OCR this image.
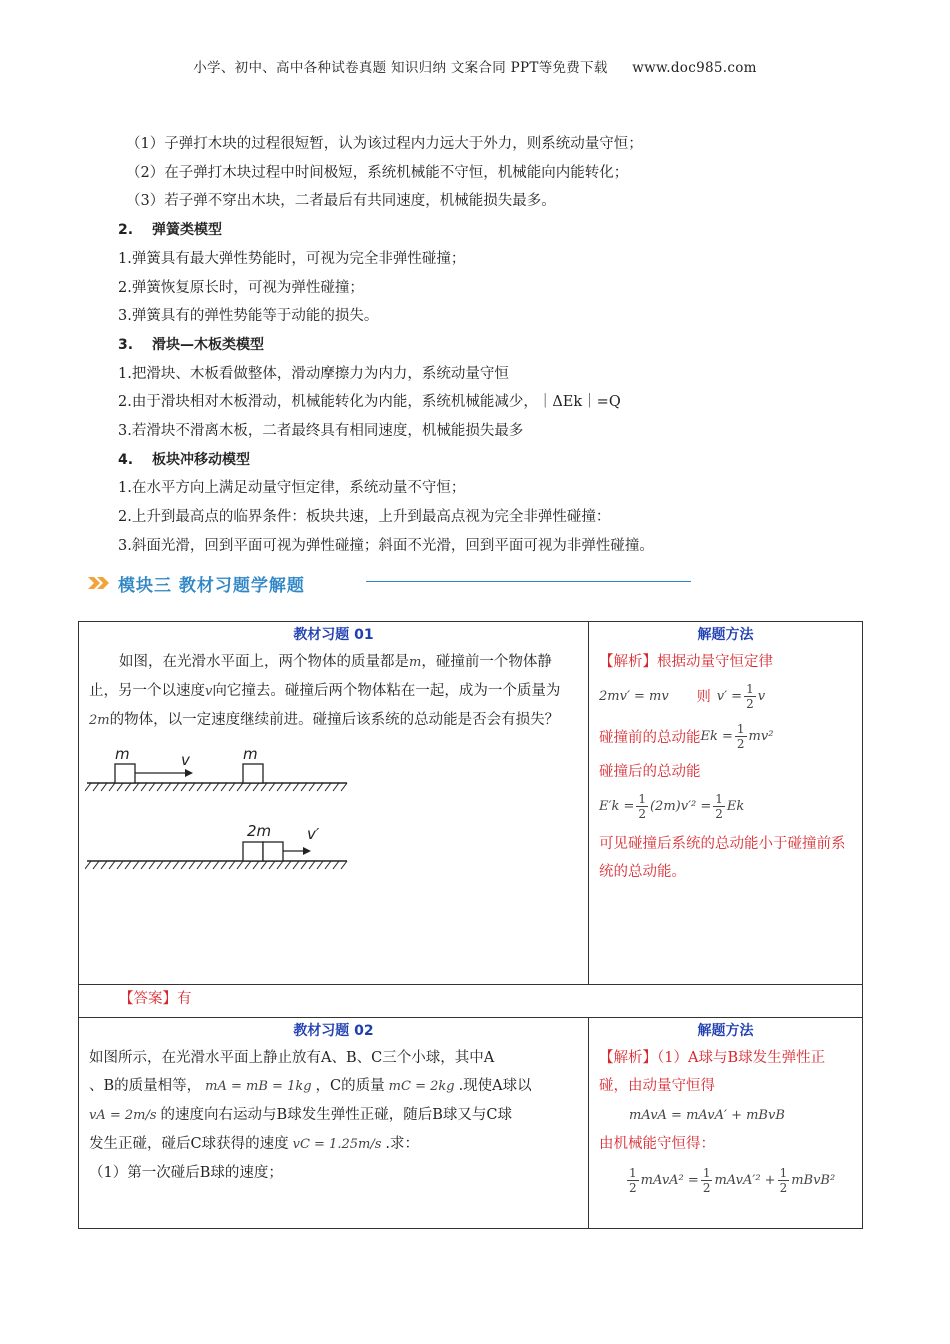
小学、初中、高中各种试卷真题 知识归纳 文案合同 PPT等免费下载 www.doc985.com
（1）子弹打木块的过程很短暂，认为该过程内力远大于外力，则系统动量守恒；
（2）在子弹打木块过程中时间极短，系统机械能不守恒，机械能向内能转化；
（3）若子弹不穿出木块，二者最后有共同速度，机械能损失最多。
2. 弹簧类模型
1.弹簧具有最大弹性势能时，可视为完全非弹性碰撞；
2.弹簧恢复原长时，可视为弹性碰撞；
3.弹簧具有的弹性势能等于动能的损失。
3. 滑块—木板类模型
1.把滑块、木板看做整体，滑动摩擦力为内力，系统动量守恒
2.由于滑块相对木板滑动，机械能转化为内能，系统机械能减少，｜ΔEk｜=Q
3.若滑块不滑离木板，二者最终具有相同速度，机械能损失最多
4. 板块冲移动模型
1.在水平方向上满足动量守恒定律，系统动量不守恒；
2.上升到最高点的临界条件：板块共速，上升到最高点视为完全非弹性碰撞：
3.斜面光滑，回到平面可视为弹性碰撞；斜面不光滑，回到平面可视为非弹性碰撞。
模块三 教材习题学解题
教材习题 01
如图，在光滑水平面上，两个物体的质量都是m，碰撞前一个物体静止，另一个以速度v向它撞去。碰撞后两个物体粘在一起，成为一个质量为2m的物体，以一定速度继续前进。碰撞后该系统的总动能是否会有损失？
m	v	m
2m v′

解题方法
【解析】根据动量守恒定律
2mv′ = mv 则 $v' = \frac{1}{2}$ v
碰撞前的总动能 $Ek = \frac{1}{2} mv^2$
碰撞后的总动能
$E'k = \frac{1}{2} (2m)v'^2 = \frac{1}{2}$ Ek
可见碰撞后系统的总动能小于碰撞前系统的总动能。

【答案】有
教材习题 02
如图所示，在光滑水平面上静止放有A、B、C三个小球，其中A
、B的质量相等， mA = mB = 1kg ，C的质量 mC = 2kg .现使A球以
vA = 2m/s 的速度向右运动与B球发生弹性正碰，随后B球又与C球
发生正碰，碰后C球获得的速度 vC = 1.25m/s .求：
（1）第一次碰后B球的速度；

解题方法
【解析】（1）A球与B球发生弹性正碰，由动量守恒得
mAvA = mAvA′ + mBvB
由机械能守恒得：
$\frac{1}{2}$ mAvA² = $\frac{1}{2}$ mAvA′² + $\frac{1}{2}$ mBvB²
